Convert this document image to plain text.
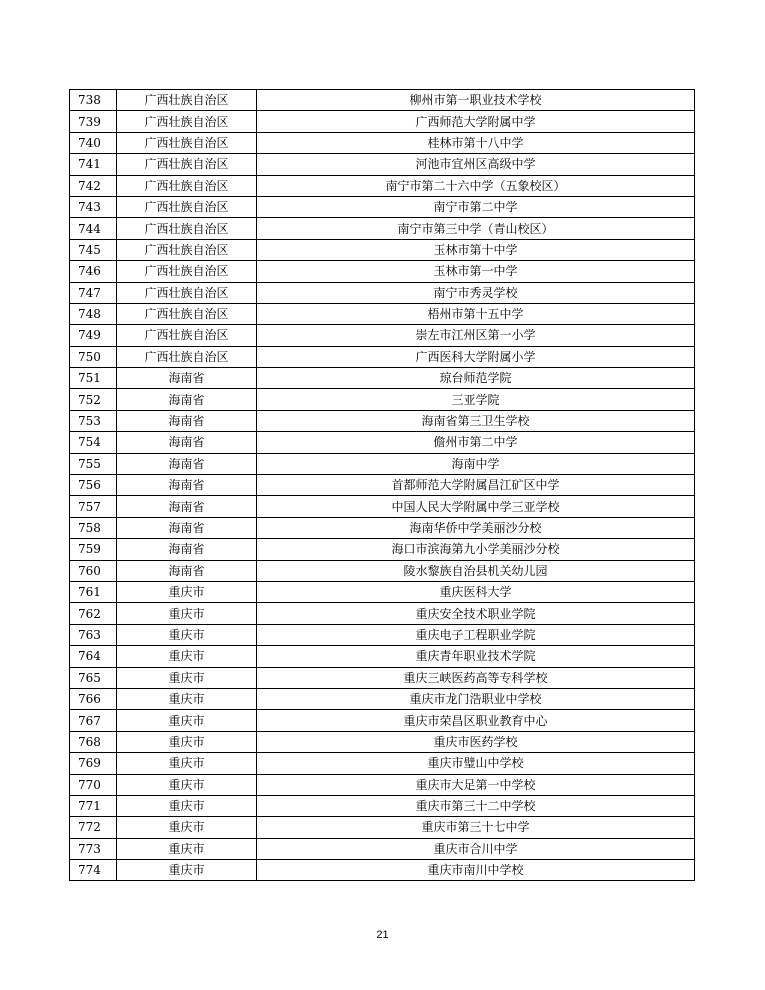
738	广西壮族自治区	柳州市第一职业技术学校
739	广西壮族自治区	广西师范大学附属中学
740	广西壮族自治区	桂林市第十八中学
741	广西壮族自治区	河池市宜州区高级中学
742	广西壮族自治区	南宁市第二十六中学（五象校区）
743	广西壮族自治区	南宁市第二中学
744	广西壮族自治区	南宁市第三中学（青山校区）
745	广西壮族自治区	玉林市第十中学
746	广西壮族自治区	玉林市第一中学
747	广西壮族自治区	南宁市秀灵学校
748	广西壮族自治区	梧州市第十五中学
749	广西壮族自治区	崇左市江州区第一小学
750	广西壮族自治区	广西医科大学附属小学
751	海南省	琼台师范学院
752	海南省	三亚学院
753	海南省	海南省第三卫生学校
754	海南省	儋州市第二中学
755	海南省	海南中学
756	海南省	首都师范大学附属昌江矿区中学
757	海南省	中国人民大学附属中学三亚学校
758	海南省	海南华侨中学美丽沙分校
759	海南省	海口市滨海第九小学美丽沙分校
760	海南省	陵水黎族自治县机关幼儿园
761	重庆市	重庆医科大学
762	重庆市	重庆安全技术职业学院
763	重庆市	重庆电子工程职业学院
764	重庆市	重庆青年职业技术学院
765	重庆市	重庆三峡医药高等专科学校
766	重庆市	重庆市龙门浩职业中学校
767	重庆市	重庆市荣昌区职业教育中心
768	重庆市	重庆市医药学校
769	重庆市	重庆市璧山中学校
770	重庆市	重庆市大足第一中学校
771	重庆市	重庆市第三十二中学校
772	重庆市	重庆市第三十七中学
773	重庆市	重庆市合川中学
774	重庆市	重庆市南川中学校
21
